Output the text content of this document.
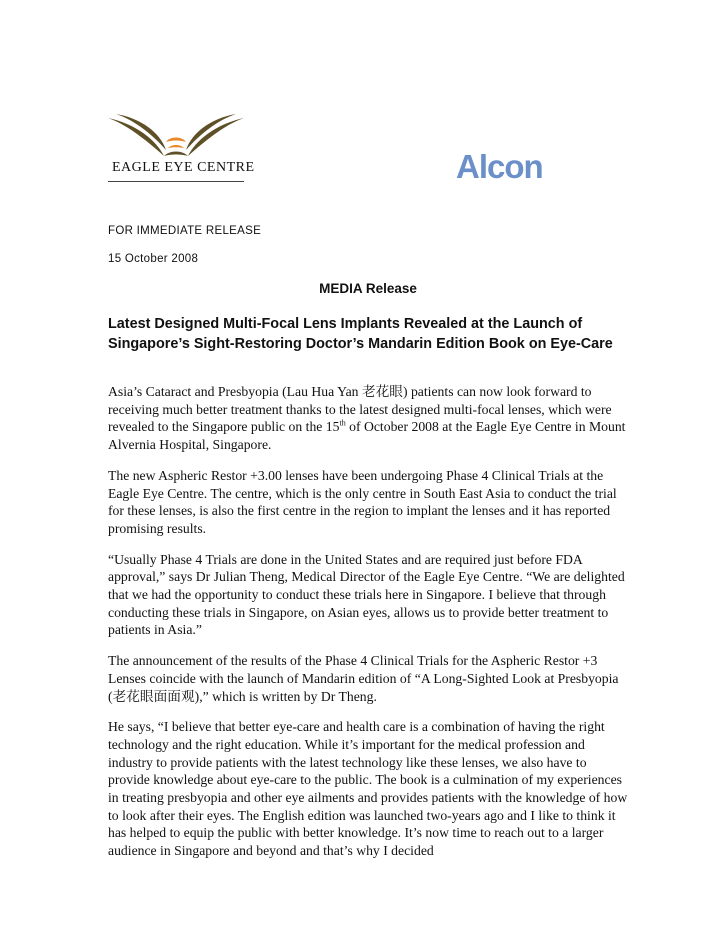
EAGLE EYE CENTRE	Alcon
FOR IMMEDIATE RELEASE
15 October 2008
MEDIA Release
Latest Designed Multi-Focal Lens Implants Revealed at the Launch of Singapore’s Sight-Restoring Doctor’s Mandarin Edition Book on Eye-Care

Asia’s Cataract and Presbyopia (Lau Hua Yan 老花眼) patients can now look forward to receiving much better treatment thanks to the latest designed multi-focal lenses, which were revealed to the Singapore public on the 15th of October 2008 at the Eagle Eye Centre in Mount Alvernia Hospital, Singapore.

The new Aspheric Restor +3.00 lenses have been undergoing Phase 4 Clinical Trials at the Eagle Eye Centre. The centre, which is the only centre in South East Asia to conduct the trial for these lenses, is also the first centre in the region to implant the lenses and it has reported promising results.

“Usually Phase 4 Trials are done in the United States and are required just before FDA approval,” says Dr Julian Theng, Medical Director of the Eagle Eye Centre. “We are delighted that we had the opportunity to conduct these trials here in Singapore. I believe that through conducting these trials in Singapore, on Asian eyes, allows us to provide better treatment to patients in Asia.”

The announcement of the results of the Phase 4 Clinical Trials for the Aspheric Restor +3 Lenses coincide with the launch of Mandarin edition of “A Long-Sighted Look at Presbyopia (老花眼面面观),” which is written by Dr Theng.

He says, “I believe that better eye-care and health care is a combination of having the right technology and the right education. While it’s important for the medical profession and industry to provide patients with the latest technology like these lenses, we also have to provide knowledge about eye-care to the public. The book is a culmination of my experiences in treating presbyopia and other eye ailments and provides patients with the knowledge of how to look after their eyes. The English edition was launched two-years ago and I like to think it has helped to equip the public with better knowledge. It’s now time to reach out to a larger audience in Singapore and beyond and that’s why I decided
